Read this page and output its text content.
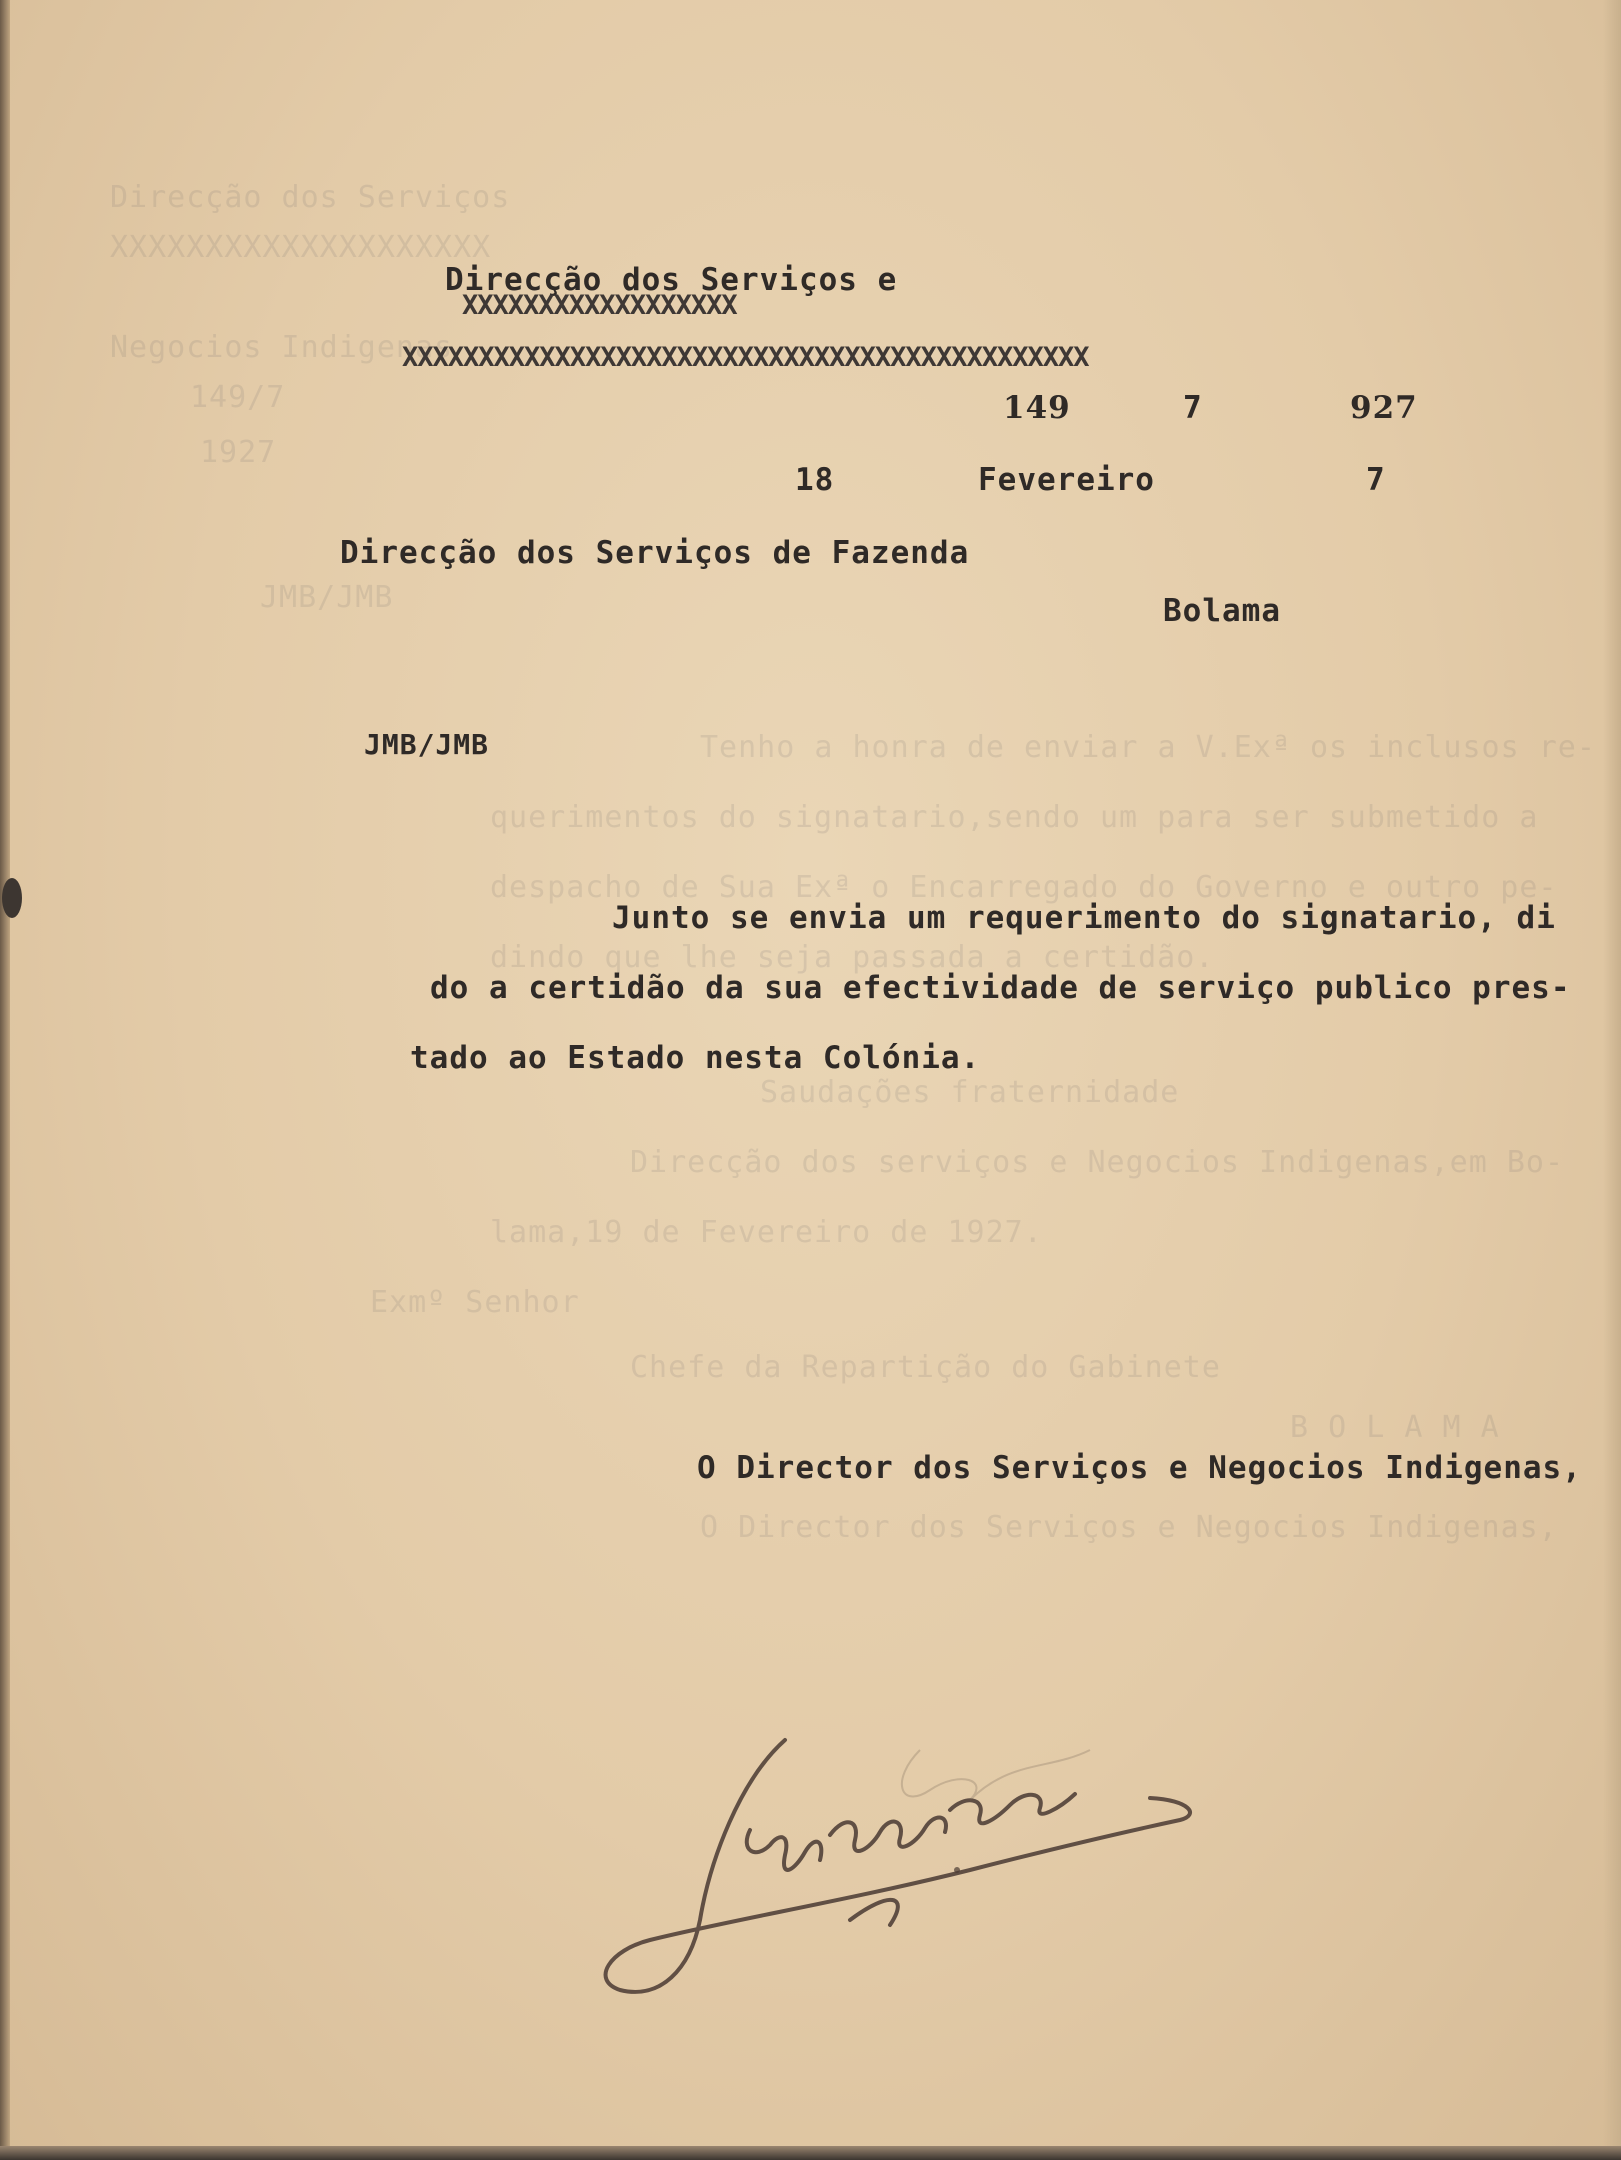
Direcção dos Serviços
XXXXXXXXXXXXXXXXXXXX
Negocios Indigenas
149/7
1927
JMB/JMB
Tenho a honra de enviar a V.Exª os inclusos re-
querimentos do signatario,sendo um para ser submetido a
despacho de Sua Exª o Encarregado do Governo e outro pe-
dindo que lhe seja passada a certidão.
Saudações fraternidade
Direcção dos serviços e Negocios Indigenas,em Bo-
lama,19 de Fevereiro de 1927.
Exmº Senhor
Chefe da Repartição do Gabinete
B O L A M A
O Director dos Serviços e Negocios Indigenas,
Direcção dos Serviços e
XXXXXXXXXXXXXXXXXX
XXXXXXXXXXXXXXXXXXXXXXXXXXXXXXXXXXXXXXXXXXXXX
149	7	927
18	Fevereiro	7
Direcção dos Serviços de Fazenda
Bolama
JMB/JMB
Junto se envia um requerimento do signatario, di
do a certidão da sua efectividade de serviço publico pres-
tado ao Estado nesta Colónia.
O Director dos Serviços e Negocios Indigenas,
